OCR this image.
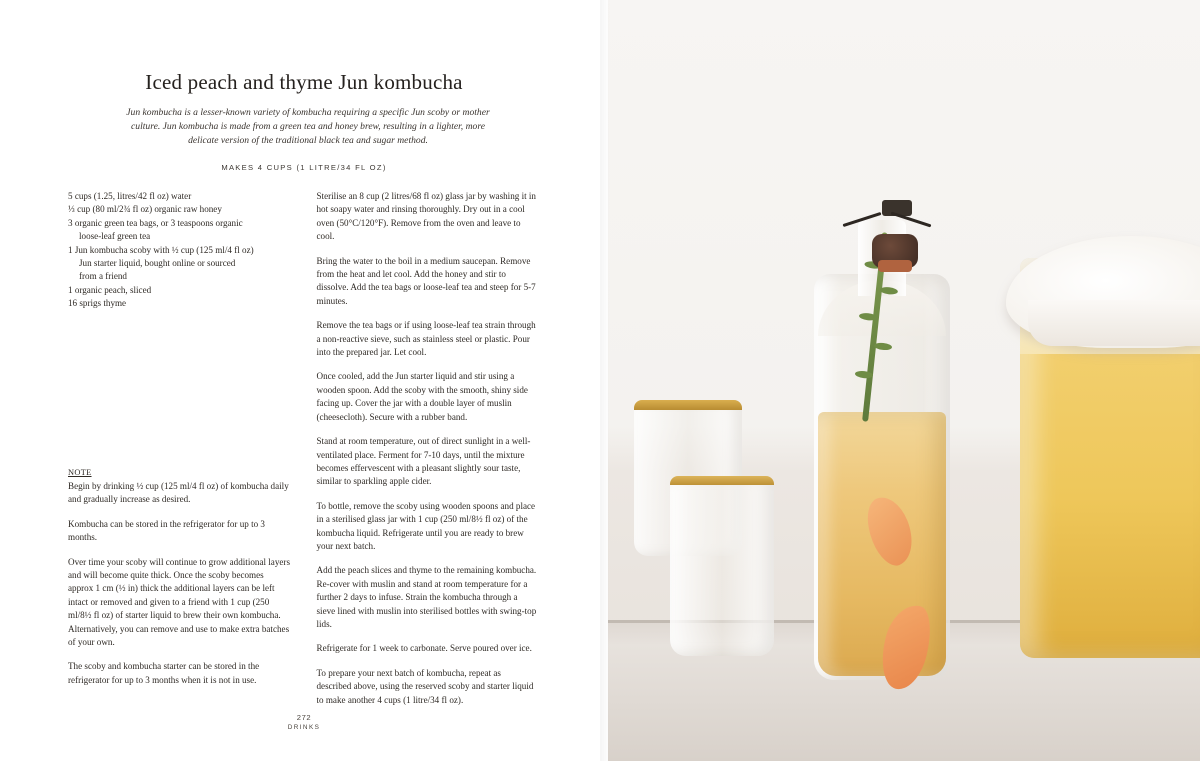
Iced peach and thyme Jun kombucha

Jun kombucha is a lesser-known variety of kombucha requiring a specific Jun scoby or mother culture. Jun kombucha is made from a green tea and honey brew, resulting in a lighter, more delicate version of the traditional black tea and sugar method.

MAKES 4 CUPS (1 LITRE/34 FL OZ)
5 cups (1.25, litres/42 fl oz) water
⅓ cup (80 ml/2¾ fl oz) organic raw honey
3 organic green tea bags, or 3 teaspoons organic
loose-leaf green tea
1 Jun kombucha scoby with ½ cup (125 ml/4 fl oz)
Jun starter liquid, bought online or sourced
from a friend
1 organic peach, sliced
16 sprigs thyme

Sterilise an 8 cup (2 litres/68 fl oz) glass jar by washing it in hot soapy water and rinsing thoroughly. Dry out in a cool oven (50°C/120°F). Remove from the oven and leave to cool.

Bring the water to the boil in a medium saucepan. Remove from the heat and let cool. Add the honey and stir to dissolve. Add the tea bags or loose-leaf tea and steep for 5-7 minutes.

Remove the tea bags or if using loose-leaf tea strain through a non-reactive sieve, such as stainless steel or plastic. Pour into the prepared jar. Let cool.

Once cooled, add the Jun starter liquid and stir using a wooden spoon. Add the scoby with the smooth, shiny side facing up. Cover the jar with a double layer of muslin (cheesecloth). Secure with a rubber band.

Stand at room temperature, out of direct sunlight in a well-ventilated place. Ferment for 7-10 days, until the mixture becomes effervescent with a pleasant slightly sour taste, similar to sparkling apple cider.

To bottle, remove the scoby using wooden spoons and place in a sterilised glass jar with 1 cup (250 ml/8½ fl oz) of the kombucha liquid. Refrigerate until you are ready to brew your next batch.

Add the peach slices and thyme to the remaining kombucha. Re-cover with muslin and stand at room temperature for a further 2 days to infuse. Strain the kombucha through a sieve lined with muslin into sterilised bottles with swing-top lids.

Refrigerate for 1 week to carbonate. Serve poured over ice.

To prepare your next batch of kombucha, repeat as described above, using the reserved scoby and starter liquid to make another 4 cups (1 litre/34 fl oz).

NOTE

Begin by drinking ½ cup (125 ml/4 fl oz) of kombucha daily and gradually increase as desired.

Kombucha can be stored in the refrigerator for up to 3 months.

Over time your scoby will continue to grow additional layers and will become quite thick. Once the scoby becomes approx 1 cm (½ in) thick the additional layers can be left intact or removed and given to a friend with 1 cup (250 ml/8½ fl oz) of starter liquid to brew their own kombucha. Alternatively, you can remove and use to make extra batches of your own.

The scoby and kombucha starter can be stored in the refrigerator for up to 3 months when it is not in use.

272
DRINKS
